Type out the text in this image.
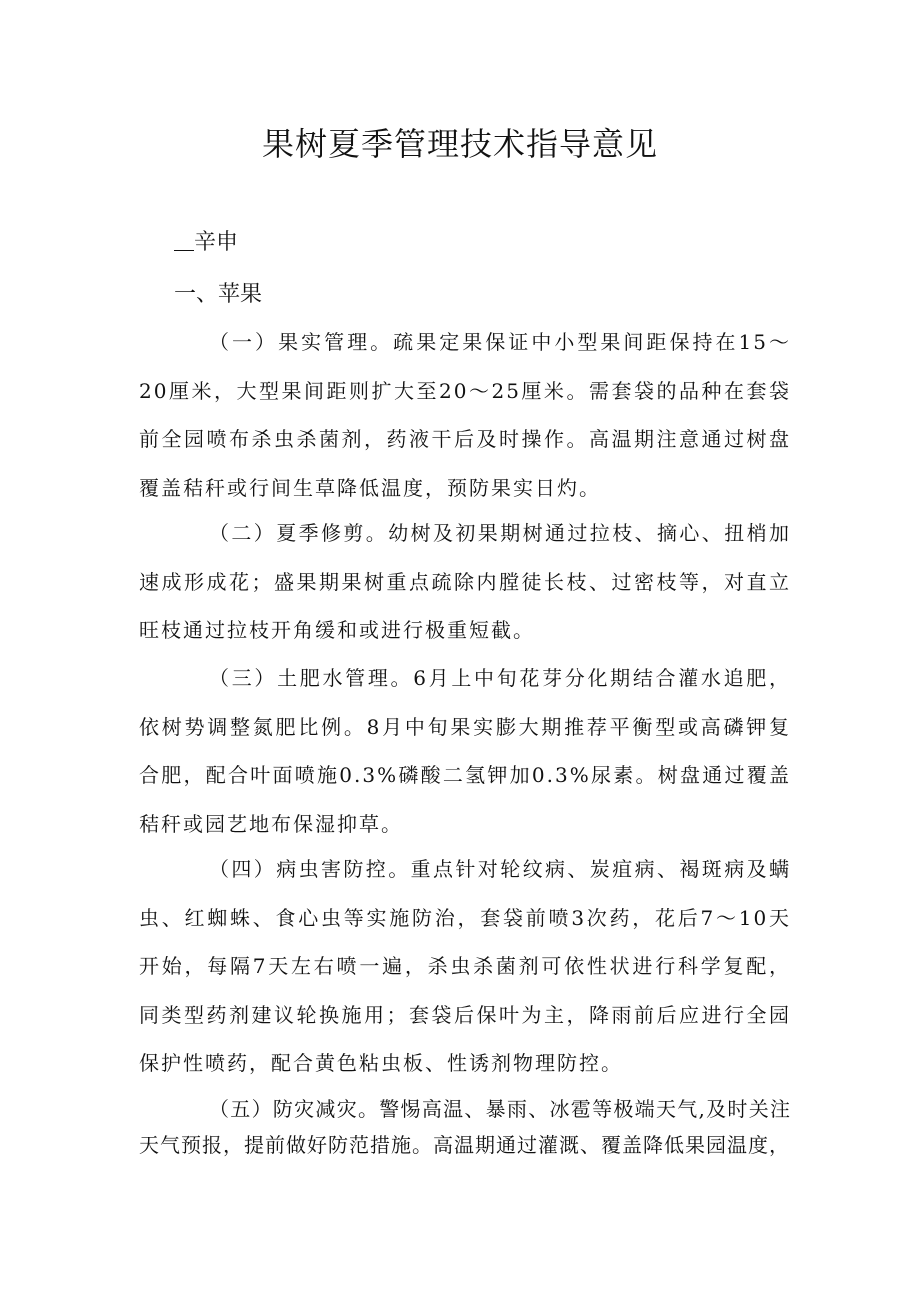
果树夏季管理技术指导意见
辛申
一、苹果

（一）果实管理。疏果定果保证中小型果间距保持在15～20厘米，大型果间距则扩大至20～25厘米。需套袋的品种在套袋前全园喷布杀虫杀菌剂，药液干后及时操作。高温期注意通过树盘覆盖秸秆或行间生草降低温度，预防果实日灼。

（二）夏季修剪。幼树及初果期树通过拉枝、摘心、扭梢加速成形成花；盛果期果树重点疏除内膛徒长枝、过密枝等，对直立旺枝通过拉枝开角缓和或进行极重短截。

（三）土肥水管理。6月上中旬花芽分化期结合灌水追肥，依树势调整氮肥比例。8月中旬果实膨大期推荐平衡型或高磷钾复合肥，配合叶面喷施0.3%磷酸二氢钾加0.3%尿素。树盘通过覆盖秸秆或园艺地布保湿抑草。

（四）病虫害防控。重点针对轮纹病、炭疽病、褐斑病及螨虫、红蜘蛛、食心虫等实施防治，套袋前喷3次药，花后7～10天开始，每隔7天左右喷一遍，杀虫杀菌剂可依性状进行科学复配，同类型药剂建议轮换施用；套袋后保叶为主，降雨前后应进行全园保护性喷药，配合黄色粘虫板、性诱剂物理防控。

（五）防灾减灾。警惕高温、暴雨、冰雹等极端天气,及时关注天气预报，提前做好防范措施。高温期通过灌溉、覆盖降低果园温度，
